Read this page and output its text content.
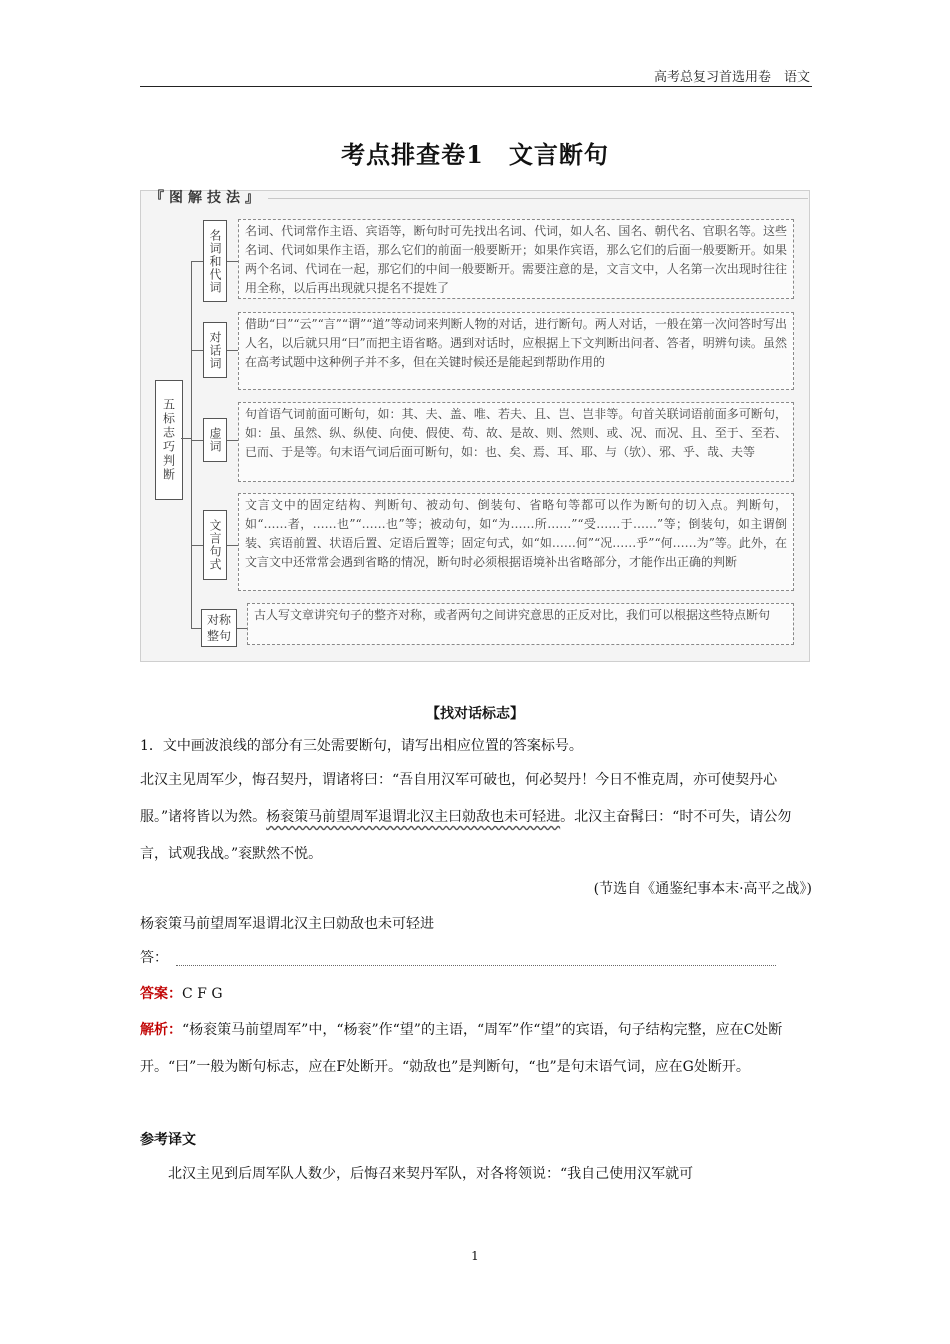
高考总复习首选用卷　语文
考点排查卷1　文言断句
『图解技法』
五标志巧判断
名词和代词
对话词
虚词
文言句式
对称整句
名词、代词常作主语、宾语等，断句时可先找出名词、代词，如人名、国名、朝代名、官职名等。这些名词、代词如果作主语，那么它们的前面一般要断开；如果作宾语，那么它们的后面一般要断开。如果两个名词、代词在一起，那它们的中间一般要断开。需要注意的是，文言文中，人名第一次出现时往往用全称，以后再出现就只提名不提姓了
借助“曰”“云”“言”“谓”“道”等动词来判断人物的对话，进行断句。两人对话，一般在第一次问答时写出人名，以后就只用“曰”而把主语省略。遇到对话时，应根据上下文判断出问者、答者，明辨句读。虽然在高考试题中这种例子并不多，但在关键时候还是能起到帮助作用的
句首语气词前面可断句，如：其、夫、盖、唯、若夫、且、岂、岂非等。句首关联词语前面多可断句，如：虽、虽然、纵、纵使、向使、假使、苟、故、是故、则、然则、或、况、而况、且、至于、至若、已而、于是等。句末语气词后面可断句，如：也、矣、焉、耳、耶、与（欤）、邪、乎、哉、夫等
文言文中的固定结构、判断句、被动句、倒装句、省略句等都可以作为断句的切入点。判断句，如“……者，……也”“……也”等；被动句，如“为……所……”“受……于……”等；倒装句，如主谓倒装、宾语前置、状语后置、定语后置等；固定句式，如“如……何”“况……乎”“何……为”等。此外，在文言文中还常常会遇到省略的情况，断句时必须根据语境补出省略部分，才能作出正确的判断
古人写文章讲究句子的整齐对称，或者两句之间讲究意思的正反对比，我们可以根据这些特点断句
【找对话标志】
1．文中画波浪线的部分有三处需要断句，请写出相应位置的答案标号。
北汉主见周军少，悔召契丹，谓诸将曰：“吾自用汉军可破也，何必契丹！今日不惟克周，亦可使契丹心服。”诸将皆以为然。杨衮策马前望周军退谓北汉主曰勍敌也未可轻进。北汉主奋髯曰：“时不可失，请公勿言，试观我战。”衮默然不悦。
(节选自《通鉴纪事本末·高平之战》)
杨衮策马前望周军退谓北汉主曰勍敌也未可轻进
答：
答案：C F G
解析：“杨衮策马前望周军”中，“杨衮”作“望”的主语，“周军”作“望”的宾语，句子结构完整，应在C处断开。“曰”一般为断句标志，应在F处断开。“勍敌也”是判断句，“也”是句末语气词，应在G处断开。
参考译文
北汉主见到后周军队人数少，后悔召来契丹军队，对各将领说：“我自己使用汉军就可
1
